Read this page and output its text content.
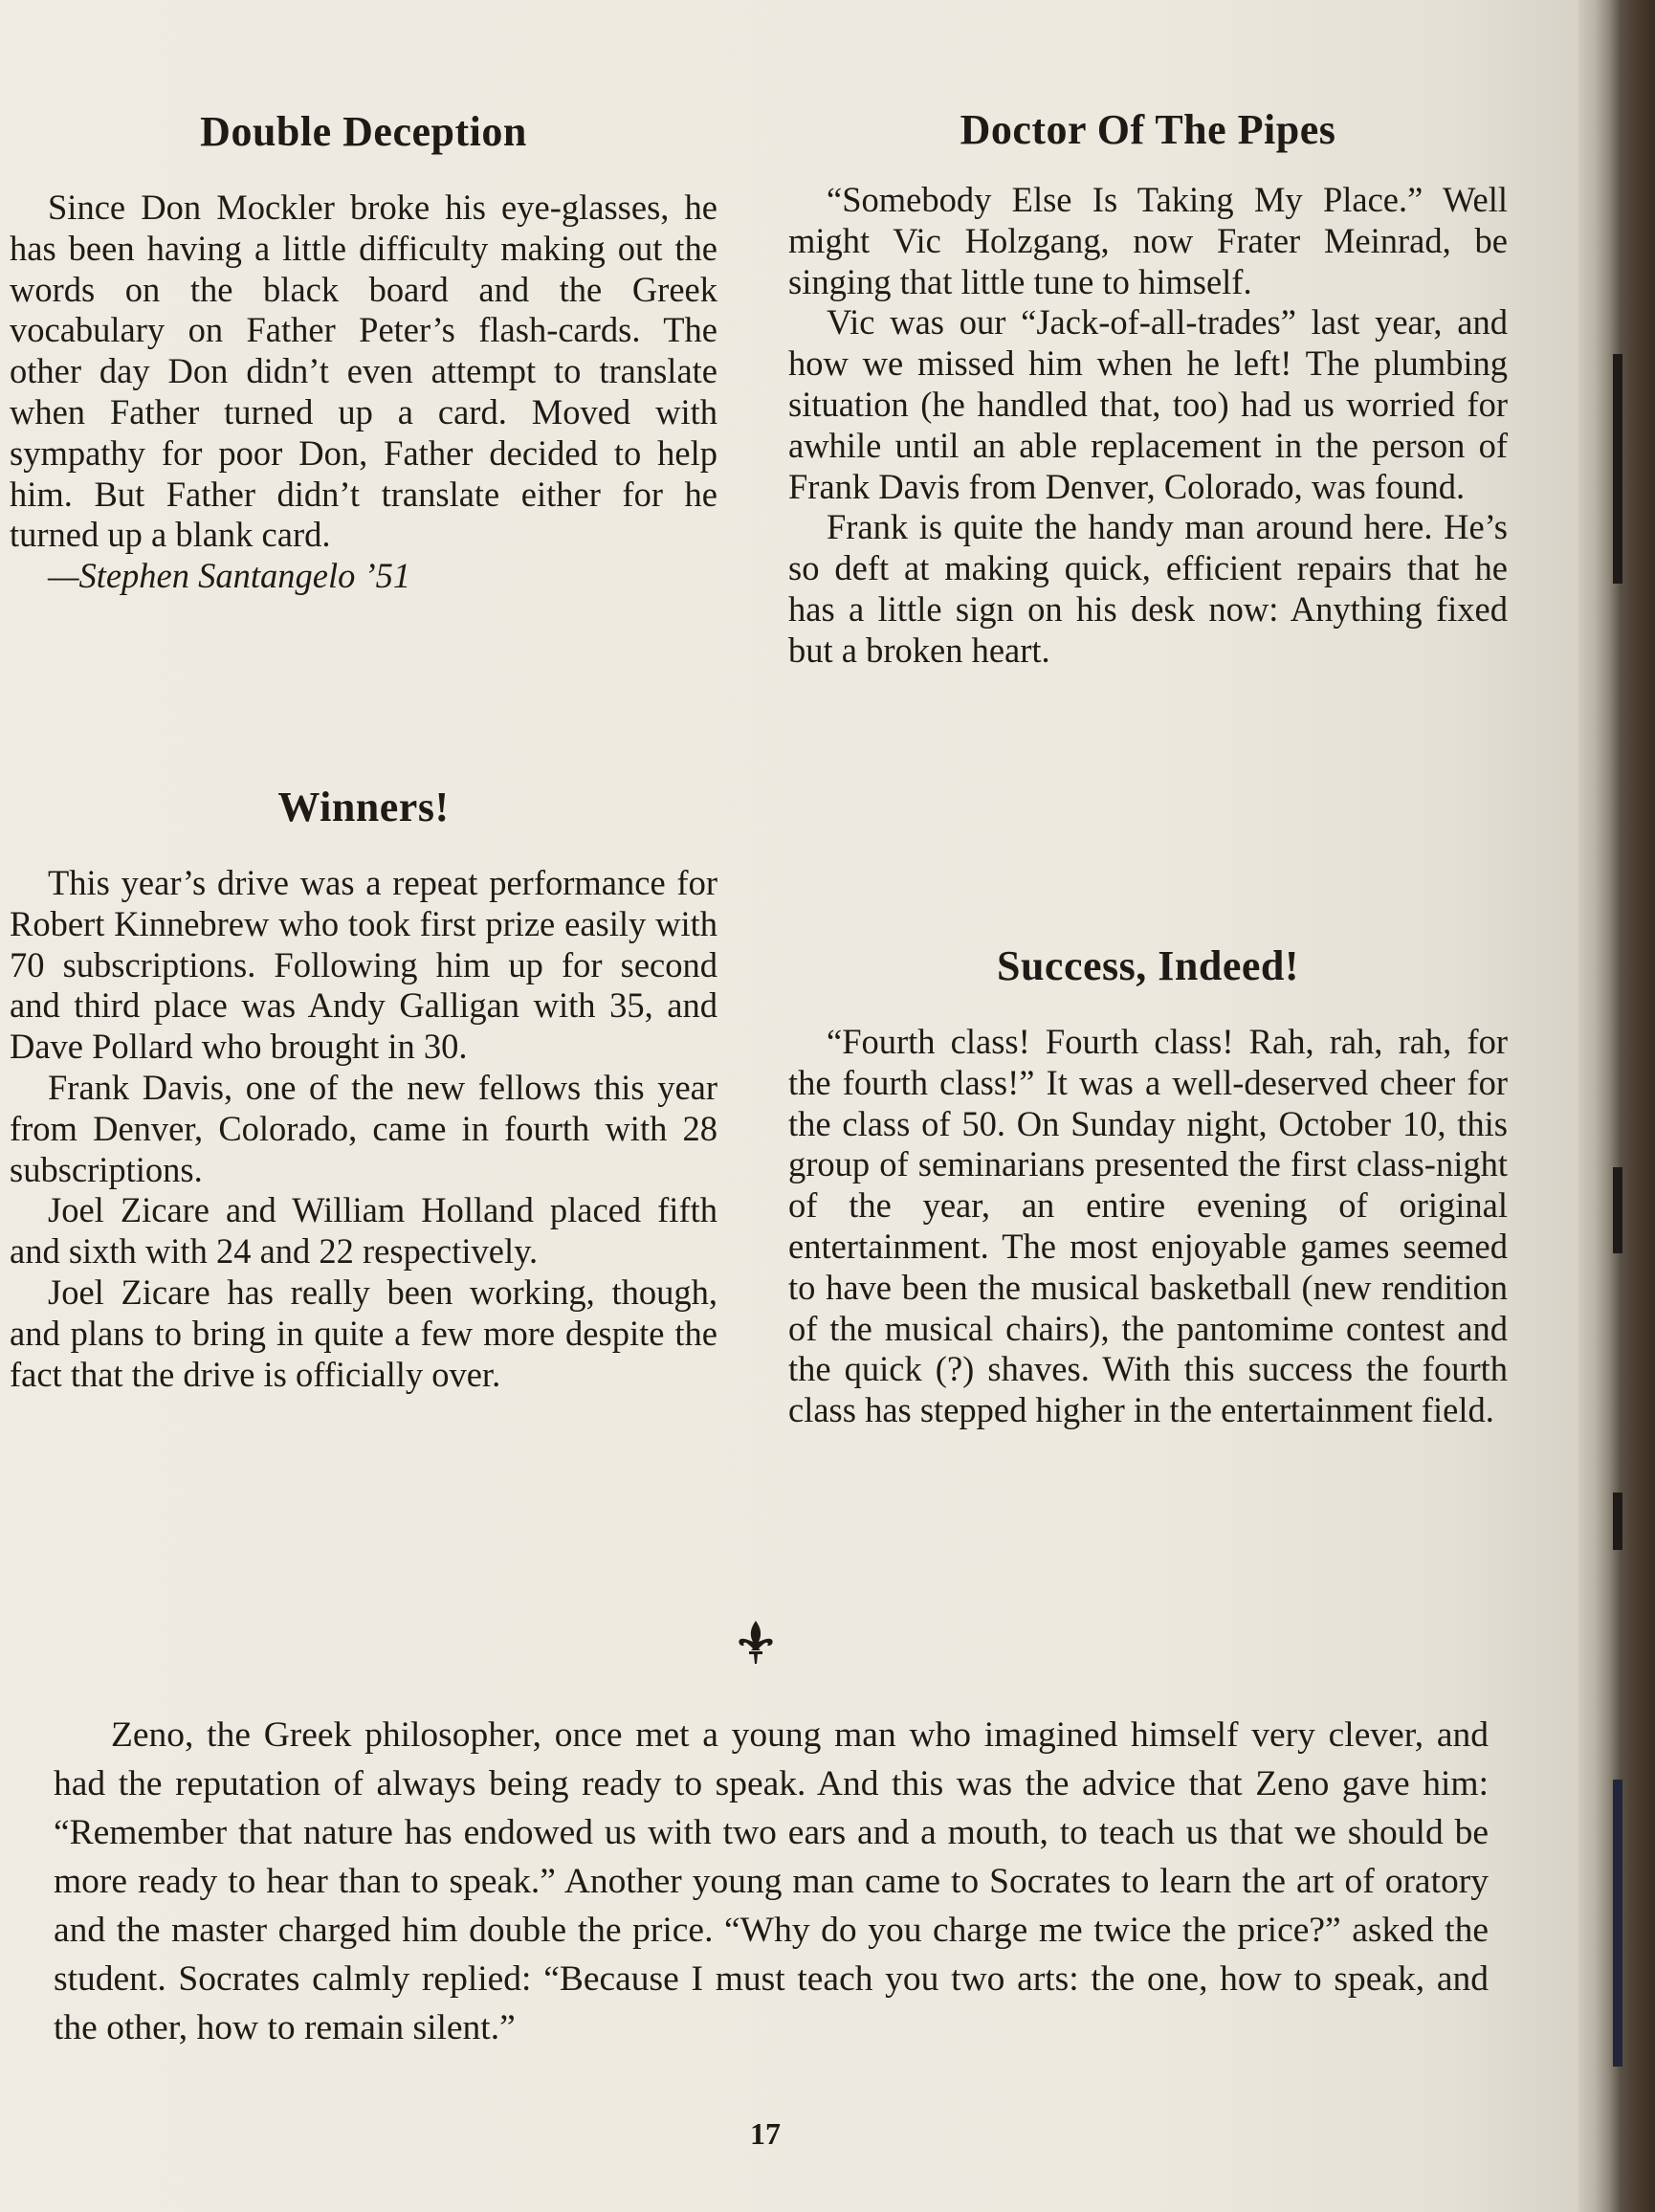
Double Deception

Since Don Mockler broke his eye-glasses, he has been having a little difficulty making out the words on the black board and the Greek vocabulary on Father Peter’s flash-cards. The other day Don didn’t even attempt to translate when Father turned up a card. Moved with sympathy for poor Don, Father decided to help him. But Father didn’t translate either for he turned up a blank card.

—Stephen Santangelo ’51

Winners!

This year’s drive was a repeat performance for Robert Kinnebrew who took first prize easily with 70 subscriptions. Following him up for second and third place was Andy Galligan with 35, and Dave Pollard who brought in 30.

Frank Davis, one of the new fellows this year from Denver, Colorado, came in fourth with 28 subscriptions.

Joel Zicare and William Holland placed fifth and sixth with 24 and 22 respectively.

Joel Zicare has really been working, though, and plans to bring in quite a few more despite the fact that the drive is officially over.

Doctor Of The Pipes

“Somebody Else Is Taking My Place.” Well might Vic Holzgang, now Frater Meinrad, be singing that little tune to himself.

Vic was our “Jack-of-all-trades” last year, and how we missed him when he left! The plumbing situation (he handled that, too) had us worried for awhile until an able replacement in the person of Frank Davis from Denver, Colorado, was found.

Frank is quite the handy man around here. He’s so deft at making quick, efficient repairs that he has a little sign on his desk now: Anything fixed but a broken heart.

Success, Indeed!

“Fourth class! Fourth class! Rah, rah, rah, for the fourth class!” It was a well-deserved cheer for the class of 50. On Sunday night, October 10, this group of seminarians presented the first class-night of the year, an entire evening of original entertainment. The most enjoyable games seemed to have been the musical basketball (new rendition of the musical chairs), the pantomime contest and the quick (?) shaves. With this success the fourth class has stepped higher in the entertainment field.

Zeno, the Greek philosopher, once met a young man who imagined himself very clever, and had the reputation of always being ready to speak. And this was the advice that Zeno gave him: “Remember that nature has endowed us with two ears and a mouth, to teach us that we should be more ready to hear than to speak.” Another young man came to Socrates to learn the art of oratory and the master charged him double the price. “Why do you charge me twice the price?” asked the student. Socrates calmly replied: “Because I must teach you two arts: the one, how to speak, and the other, how to remain silent.”

17
